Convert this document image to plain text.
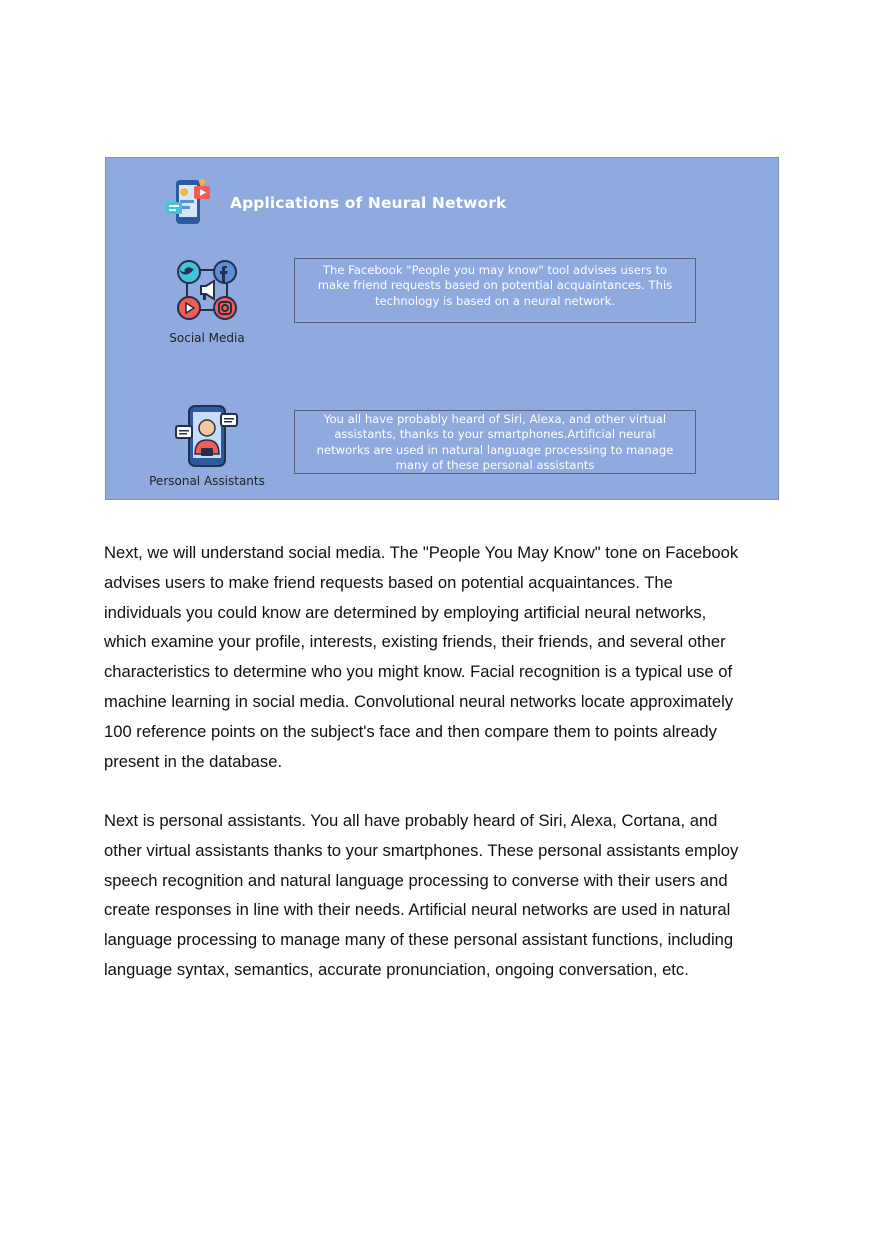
Applications of Neural Network
Social Media
The Facebook "People you may know" tool advises users to
make friend requests based on potential acquaintances. This
technology is based on a neural network.
Personal Assistants
You all have probably heard of Siri, Alexa, and other virtual
assistants, thanks to your smartphones.Artificial neural
networks are used in natural language processing to manage
many of these personal assistants

Next, we will understand social media. The "People You May Know" tone on Facebook
advises users to make friend requests based on potential acquaintances. The
individuals you could know are determined by employing artificial neural networks,
which examine your profile, interests, existing friends, their friends, and several other
characteristics to determine who you might know. Facial recognition is a typical use of
machine learning in social media. Convolutional neural networks locate approximately
100 reference points on the subject's face and then compare them to points already
present in the database.

Next is personal assistants. You all have probably heard of Siri, Alexa, Cortana, and
other virtual assistants thanks to your smartphones. These personal assistants employ
speech recognition and natural language processing to converse with their users and
create responses in line with their needs. Artificial neural networks are used in natural
language processing to manage many of these personal assistant functions, including
language syntax, semantics, accurate pronunciation, ongoing conversation, etc.
